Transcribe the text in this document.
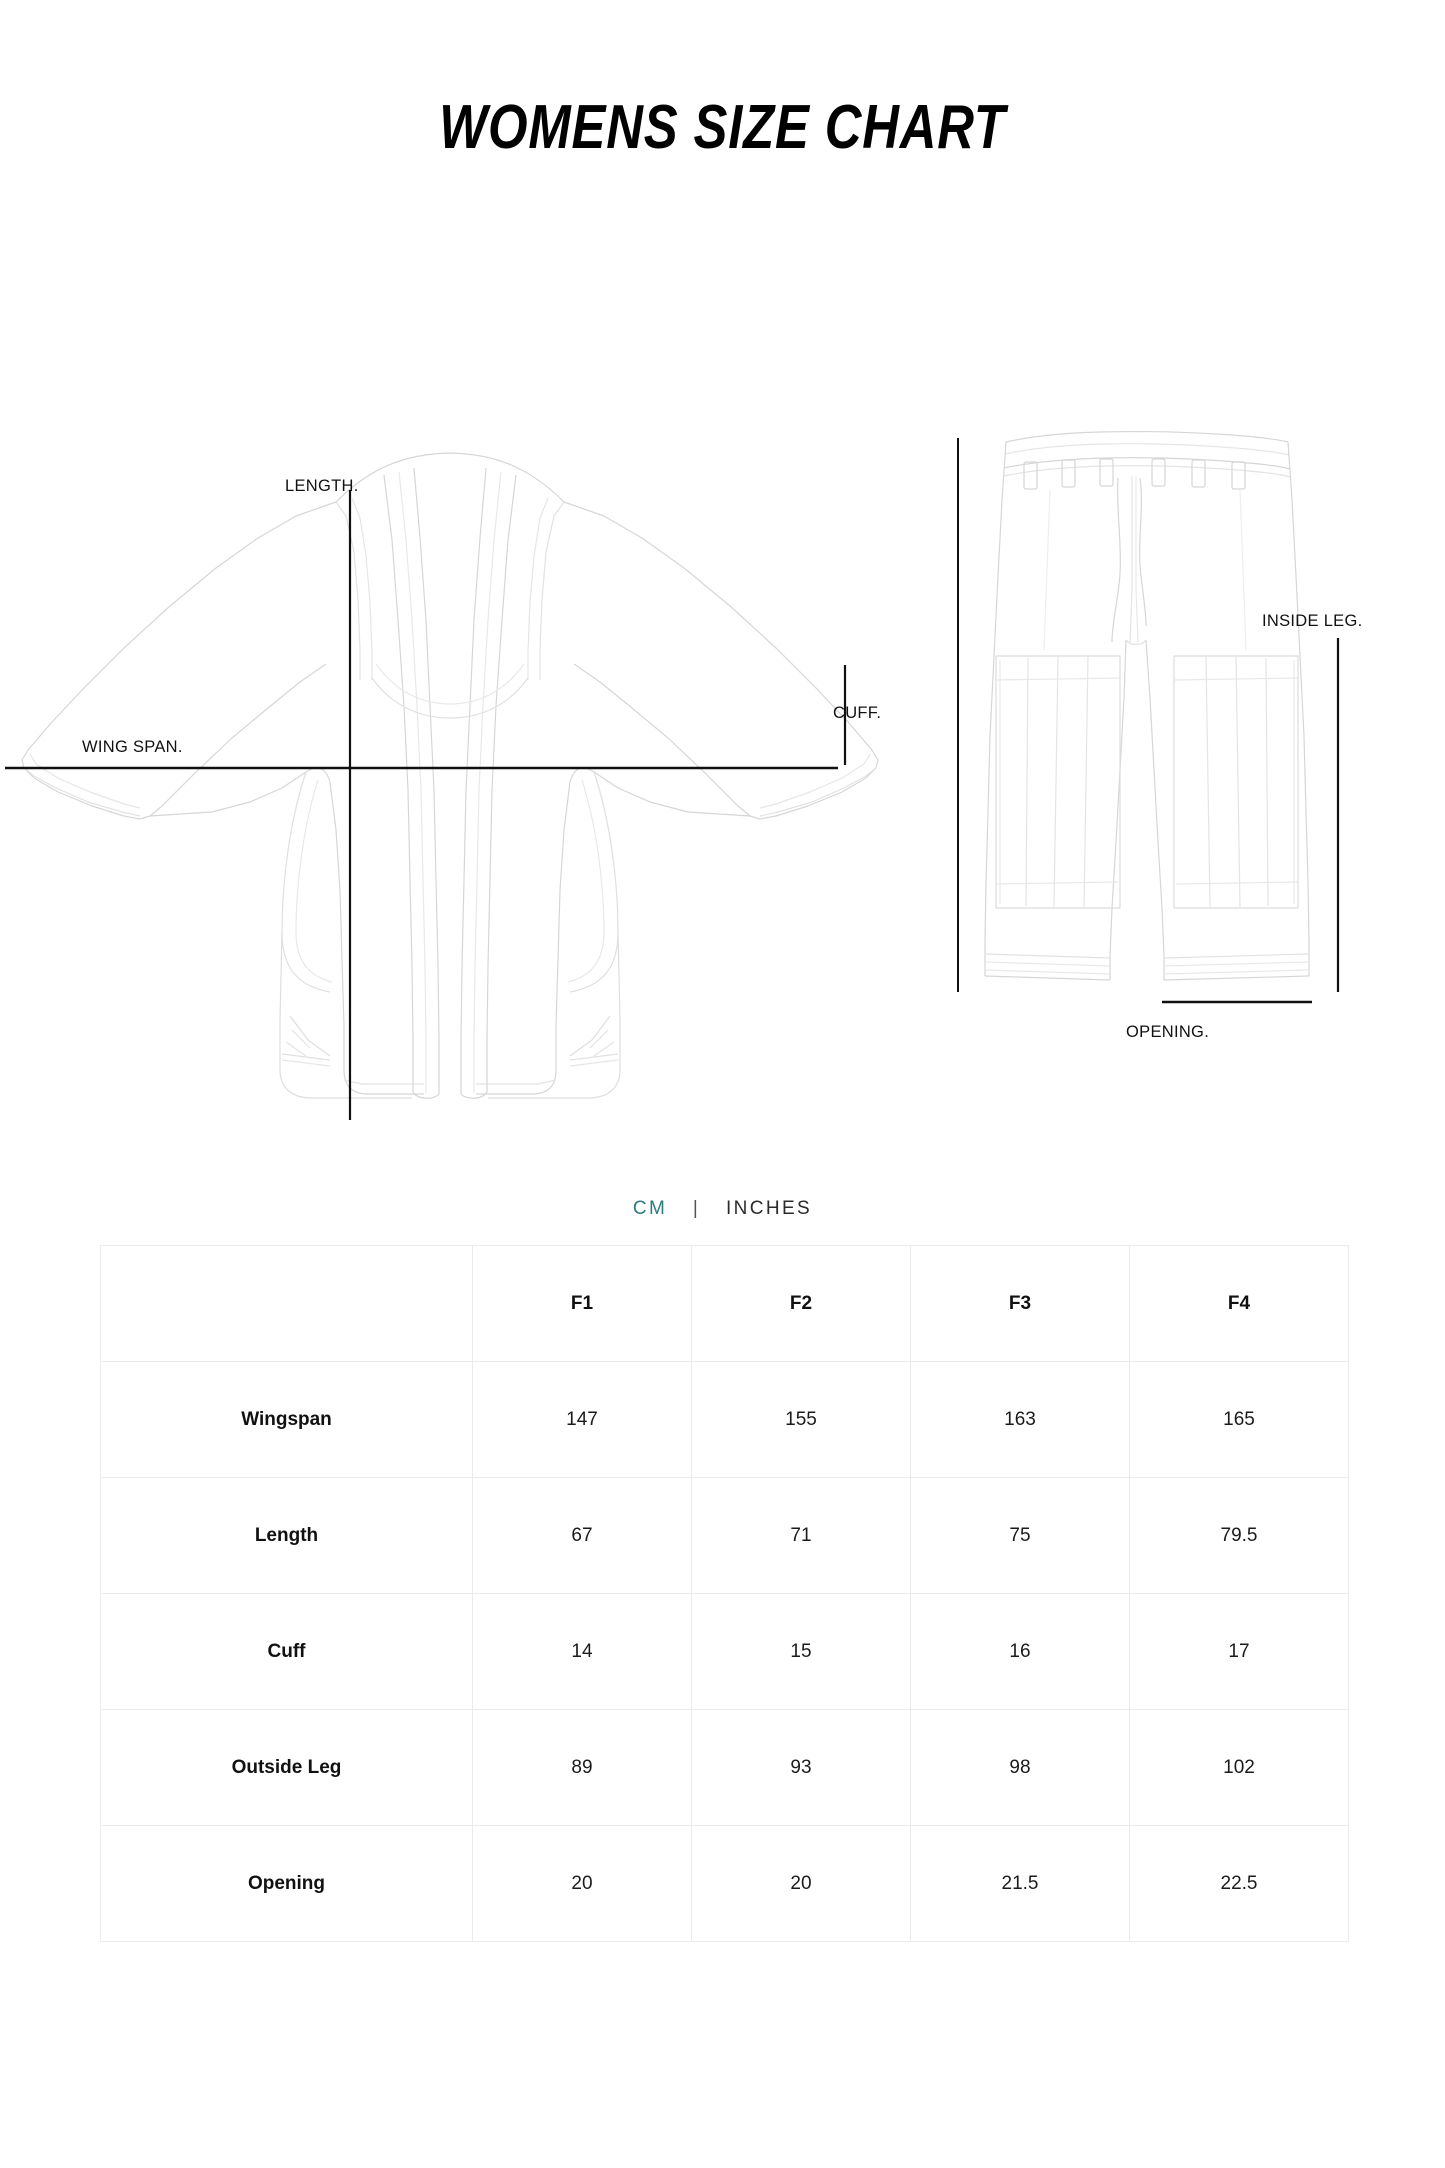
WOMENS SIZE CHART
LENGTH.
WING SPAN.
CUFF.
INSIDE LEG.
OPENING.
CM | INCHES
	F1	F2	F3	F4
Wingspan	147	155	163	165
Length	67	71	75	79.5
Cuff	14	15	16	17
Outside Leg	89	93	98	102
Opening	20	20	21.5	22.5
